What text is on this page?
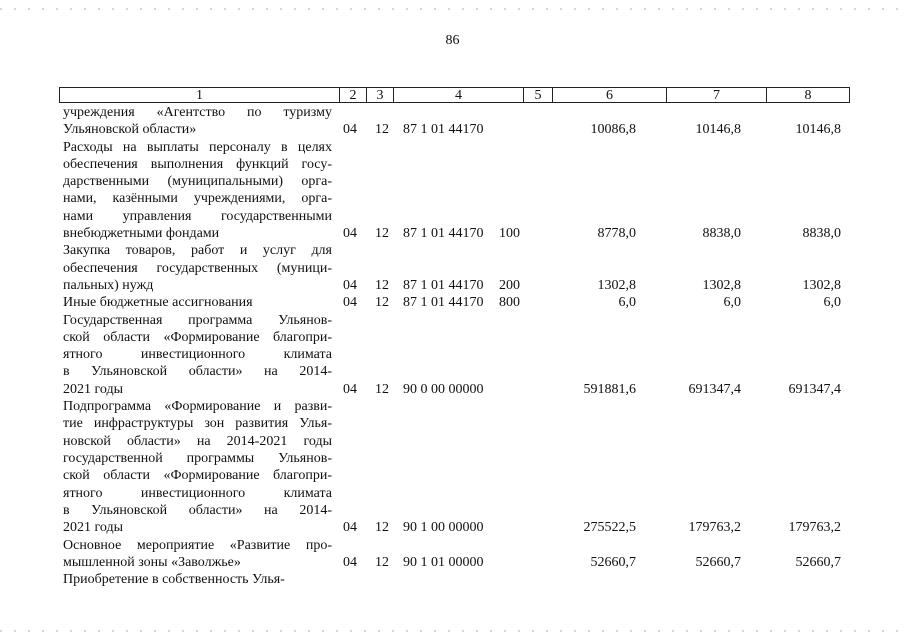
86
1	2	3	4	5	6	7	8
учреждения «Агентство по туризму
Ульяновской области»	04 12 87 1 01 44170	10086,8	10146,8	10146,8
Расходы на выплаты персоналу в целях
обеспечения выполнения функций госу-
дарственными (муниципальными) орга-
нами, казёнными учреждениями, орга-
нами управления государственными
внебюджетными фондами	04 12 87 1 01 44170 100	8778,0	8838,0	8838,0
Закупка товаров, работ и услуг для
обеспечения государственных (муници-
пальных) нужд	04 12 87 1 01 44170 200	1302,8	1302,8	1302,8
Иные бюджетные ассигнования	04 12 87 1 01 44170 800	6,0	6,0	6,0
Государственная программа Ульянов-
ской области «Формирование благопри-
ятного инвестиционного климата
в Ульяновской области» на 2014-
2021 годы	04 12 90 0 00 00000	591881,6	691347,4	691347,4
Подпрограмма «Формирование и разви-
тие инфраструктуры зон развития Улья-
новской области» на 2014-2021 годы
государственной программы Ульянов-
ской области «Формирование благопри-
ятного инвестиционного климата
в Ульяновской области» на 2014-
2021 годы	04 12 90 1 00 00000	275522,5	179763,2	179763,2
Основное мероприятие «Развитие про-
мышленной зоны «Заволжье»	04 12 90 1 01 00000	52660,7	52660,7	52660,7
Приобретение в собственность Улья-
